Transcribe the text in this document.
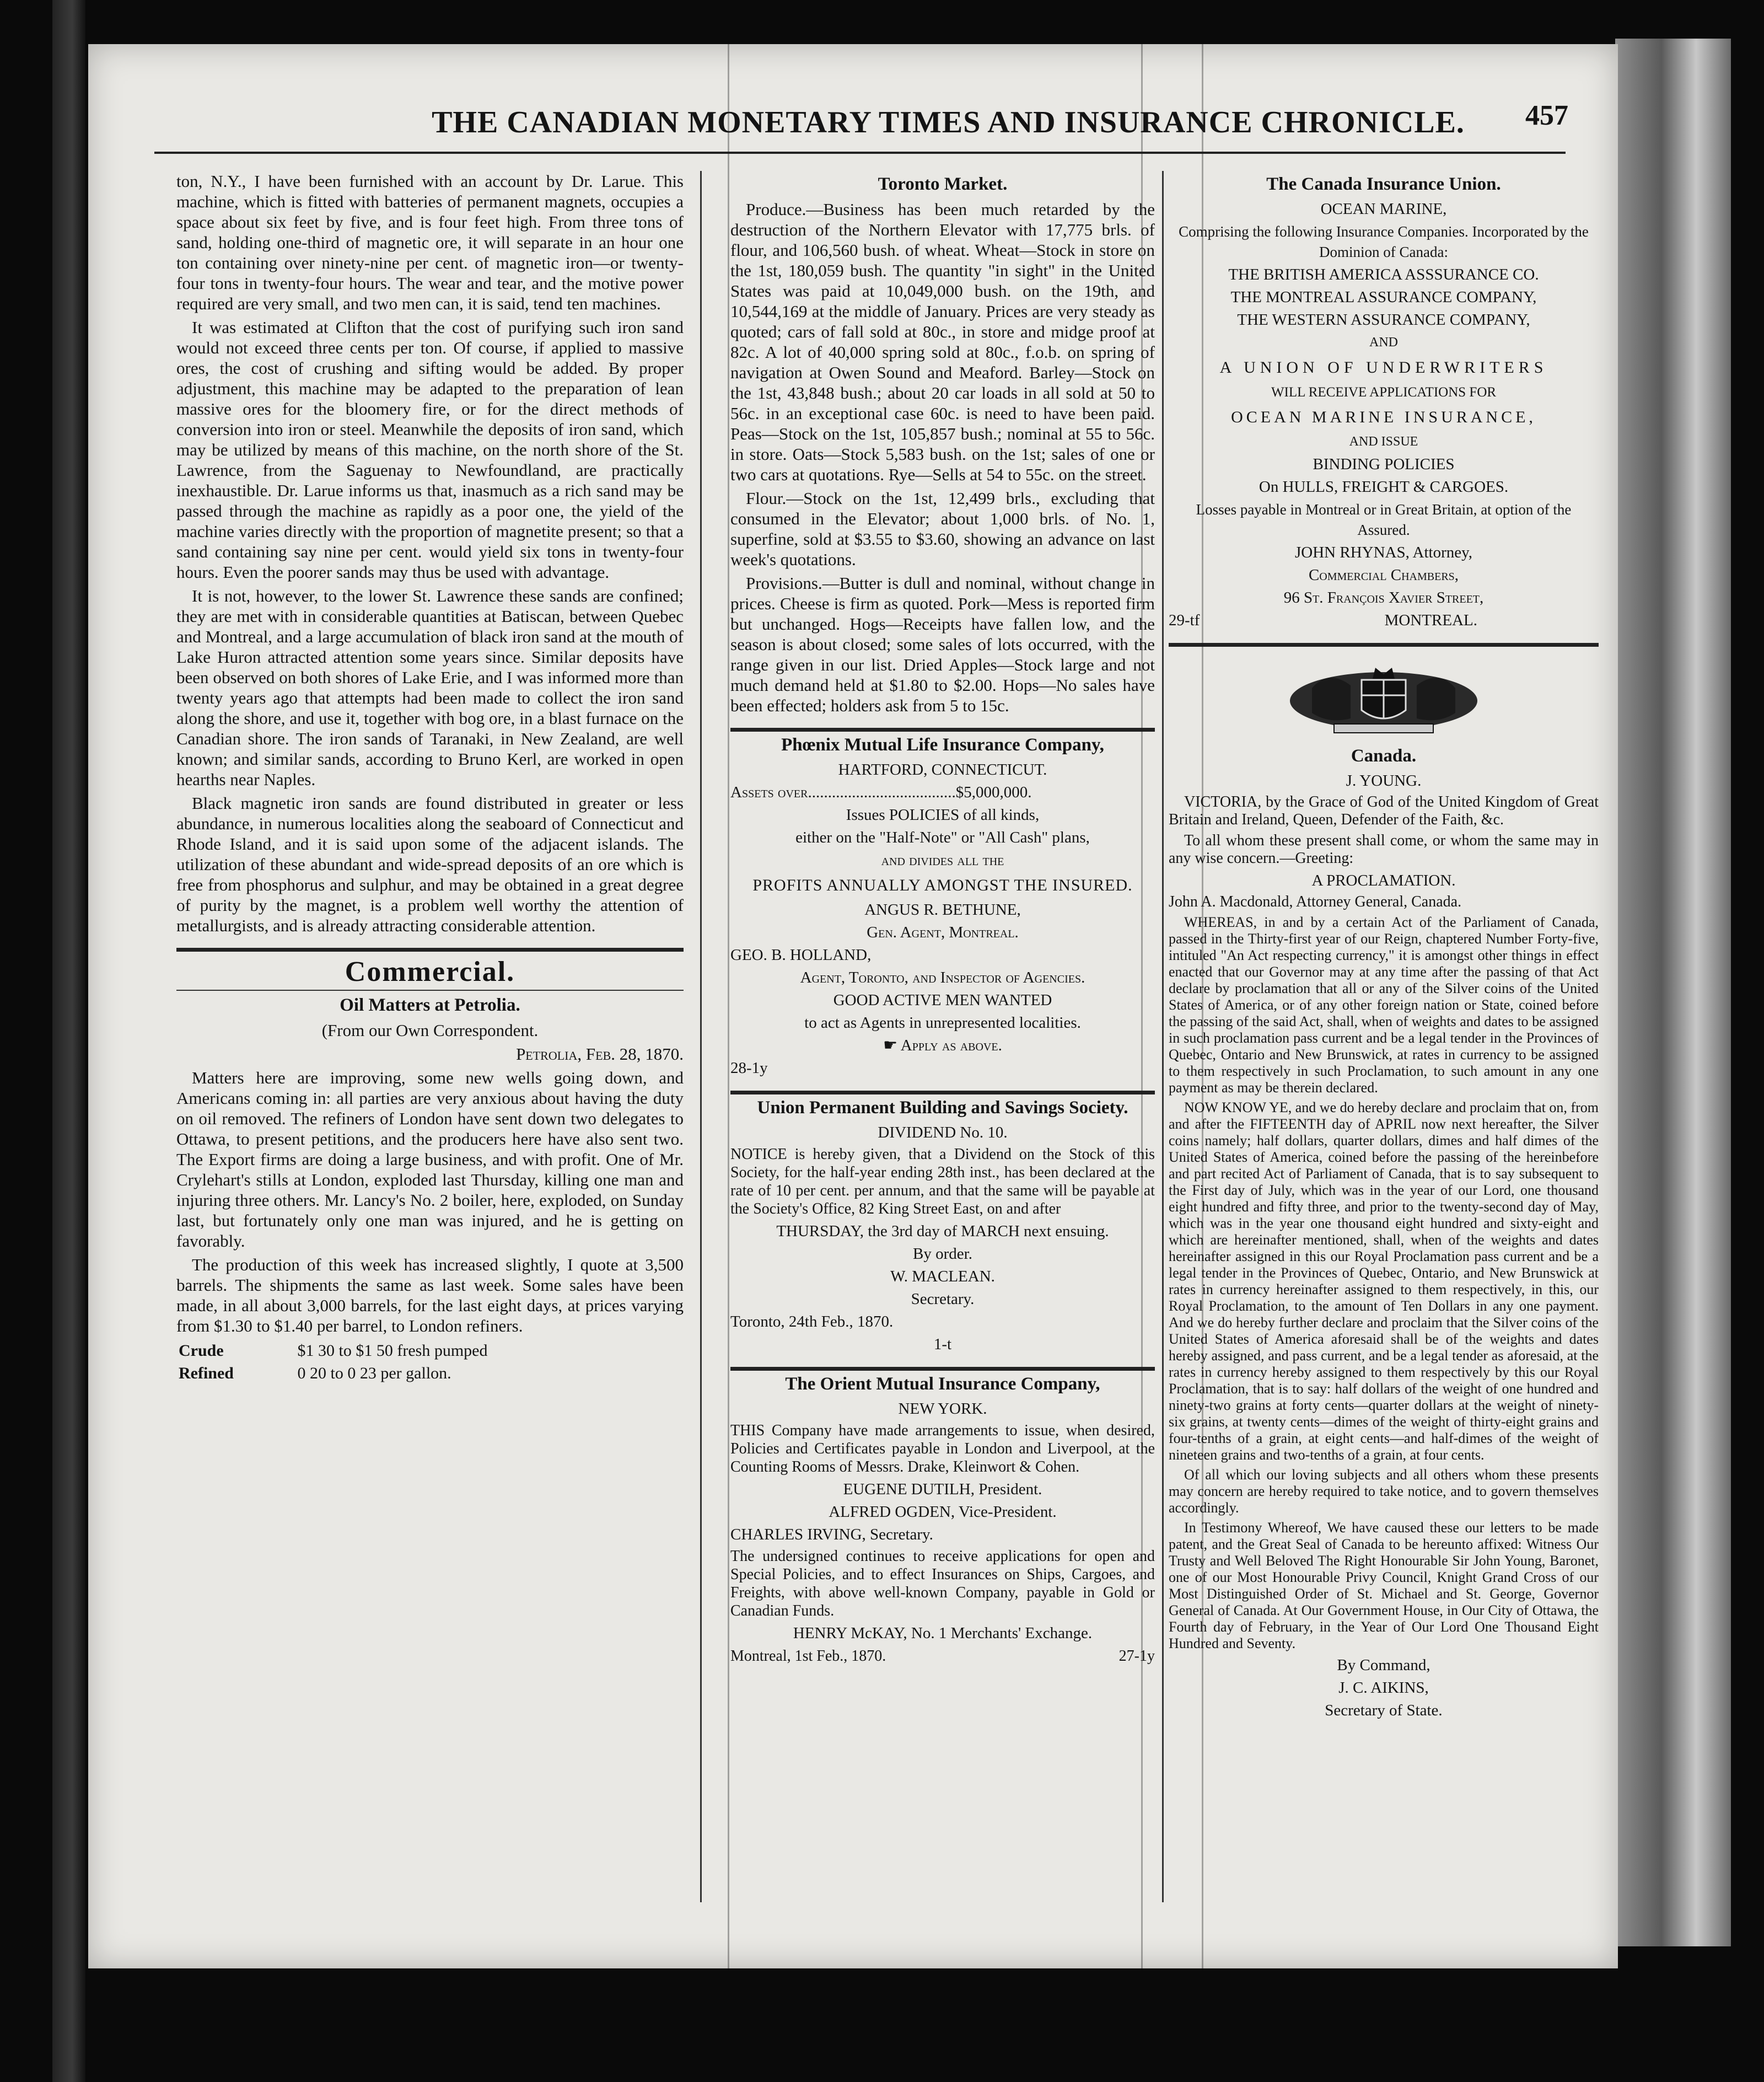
THE CANADIAN MONETARY TIMES AND INSURANCE CHRONICLE.	457

ton, N.Y., I have been furnished with an account by Dr. Larue. This machine, which is fitted with batteries of permanent magnets, occupies a space about six feet by five, and is four feet high. From three tons of sand, holding one-third of magnetic ore, it will separate in an hour one ton containing over ninety-nine per cent. of magnetic iron—or twenty-four tons in twenty-four hours. The wear and tear, and the motive power required are very small, and two men can, it is said, tend ten machines.

It was estimated at Clifton that the cost of purifying such iron sand would not exceed three cents per ton. Of course, if applied to massive ores, the cost of crushing and sifting would be added. By proper adjustment, this machine may be adapted to the preparation of lean massive ores for the bloomery fire, or for the direct methods of conversion into iron or steel. Meanwhile the deposits of iron sand, which may be utilized by means of this machine, on the north shore of the St. Lawrence, from the Saguenay to Newfoundland, are practically inexhaustible. Dr. Larue informs us that, inasmuch as a rich sand may be passed through the machine as rapidly as a poor one, the yield of the machine varies directly with the proportion of magnetite present; so that a sand containing say nine per cent. would yield six tons in twenty-four hours. Even the poorer sands may thus be used with advantage.

It is not, however, to the lower St. Lawrence these sands are confined; they are met with in considerable quantities at Batiscan, between Quebec and Montreal, and a large accumulation of black iron sand at the mouth of Lake Huron attracted attention some years since. Similar deposits have been observed on both shores of Lake Erie, and I was informed more than twenty years ago that attempts had been made to collect the iron sand along the shore, and use it, together with bog ore, in a blast furnace on the Canadian shore. The iron sands of Taranaki, in New Zealand, are well known; and similar sands, according to Bruno Kerl, are worked in open hearths near Naples.

Black magnetic iron sands are found distributed in greater or less abundance, in numerous localities along the seaboard of Connecticut and Rhode Island, and it is said upon some of the adjacent islands. The utilization of these abundant and wide-spread deposits of an ore which is free from phosphorus and sulphur, and may be obtained in a great degree of purity by the magnet, is a problem well worthy the attention of metallurgists, and is already attracting considerable attention.

Commercial.
Oil Matters at Petrolia.

(From our Own Correspondent.

Petrolia, Feb. 28, 1870.

Matters here are improving, some new wells going down, and Americans coming in: all parties are very anxious about having the duty on oil removed. The refiners of London have sent down two delegates to Ottawa, to present petitions, and the producers here have also sent two. The Export firms are doing a large business, and with profit. One of Mr. Crylehart's stills at London, exploded last Thursday, killing one man and injuring three others. Mr. Lancy's No. 2 boiler, here, exploded, on Sunday last, but fortunately only one man was injured, and he is getting on favorably.

The production of this week has increased slightly, I quote at 3,500 barrels. The shipments the same as last week. Some sales have been made, in all about 3,000 barrels, for the last eight days, at prices varying from $1.30 to $1.40 per barrel, to London refiners.

Crude	$1 30 to $1 50 fresh pumped
Refined	0 20 to 0 23 per gallon.
Toronto Market.

Produce.—Business has been much retarded by the destruction of the Northern Elevator with 17,775 brls. of flour, and 106,560 bush. of wheat. Wheat—Stock in store on the 1st, 180,059 bush. The quantity "in sight" in the United States was paid at 10,049,000 bush. on the 19th, and 10,544,169 at the middle of January. Prices are very steady as quoted; cars of fall sold at 80c., in store and midge proof at 82c. A lot of 40,000 spring sold at 80c., f.o.b. on spring of navigation at Owen Sound and Meaford. Barley—Stock on the 1st, 43,848 bush.; about 20 car loads in all sold at 50 to 56c. in an exceptional case 60c. is need to have been paid. Peas—Stock on the 1st, 105,857 bush.; nominal at 55 to 56c. in store. Oats—Stock 5,583 bush. on the 1st; sales of one or two cars at quotations. Rye—Sells at 54 to 55c. on the street.

Flour.—Stock on the 1st, 12,499 brls., excluding that consumed in the Elevator; about 1,000 brls. of No. 1, superfine, sold at $3.55 to $3.60, showing an advance on last week's quotations.

Provisions.—Butter is dull and nominal, without change in prices. Cheese is firm as quoted. Pork—Mess is reported firm but unchanged. Hogs—Receipts have fallen low, and the season is about closed; some sales of lots occurred, with the range given in our list. Dried Apples—Stock large and not much demand held at $1.80 to $2.00. Hops—No sales have been effected; holders ask from 5 to 15c.

Phœnix Mutual Life Insurance Company,
HARTFORD, CONNECTICUT.
Assets over.....................................$5,000,000.
Issues POLICIES of all kinds,
either on the "Half-Note" or "All Cash" plans,
and divides all the
PROFITS ANNUALLY AMONGST THE INSURED.
ANGUS R. BETHUNE,
Gen. Agent, Montreal.
GEO. B. HOLLAND,
Agent, Toronto, and Inspector of Agencies.
GOOD ACTIVE MEN WANTED
to act as Agents in unrepresented localities.
☛ Apply as above.
28-1y
Union Permanent Building and Savings Society.
DIVIDEND No. 10.

NOTICE is hereby given, that a Dividend on the Stock of this Society, for the half-year ending 28th inst., has been declared at the rate of 10 per cent. per annum, and that the same will be payable at the Society's Office, 82 King Street East, on and after

THURSDAY, the 3rd day of MARCH next ensuing.
By order.
W. MACLEAN.
Secretary.
Toronto, 24th Feb., 1870.
1-t
The Orient Mutual Insurance Company,
NEW YORK.

THIS Company have made arrangements to issue, when desired, Policies and Certificates payable in London and Liverpool, at the Counting Rooms of Messrs. Drake, Kleinwort & Cohen.

EUGENE DUTILH, President.
ALFRED OGDEN, Vice-President.
CHARLES IRVING, Secretary.

The undersigned continues to receive applications for open and Special Policies, and to effect Insurances on Ships, Cargoes, and Freights, with above well-known Company, payable in Gold or Canadian Funds.

HENRY McKAY, No. 1 Merchants' Exchange.
Montreal, 1st Feb., 1870.	27-1y
The Canada Insurance Union.
OCEAN MARINE,
Comprising the following Insurance Companies. Incorporated by the Dominion of Canada:
THE BRITISH AMERICA ASSSURANCE CO.
THE MONTREAL ASSURANCE COMPANY,
THE WESTERN ASSURANCE COMPANY,
AND
A UNION OF UNDERWRITERS
WILL RECEIVE APPLICATIONS FOR
OCEAN MARINE INSURANCE,
AND ISSUE
BINDING POLICIES
On HULLS, FREIGHT & CARGOES.
Losses payable in Montreal or in Great Britain, at option of the Assured.
JOHN RHYNAS, Attorney,
Commercial Chambers,
96 St. François Xavier Street,
29-tf	MONTREAL.
Canada.
J. YOUNG.

VICTORIA, by the Grace of God of the United Kingdom of Great Britain and Ireland, Queen, Defender of the Faith, &c.

To all whom these present shall come, or whom the same may in any wise concern.—Greeting:

A PROCLAMATION.

John A. Macdonald, Attorney General, Canada.

WHEREAS, in and by a certain Act of the Parliament of Canada, passed in the Thirty-first year of our Reign, chaptered Number Forty-five, intituled "An Act respecting currency," it is amongst other things in effect enacted that our Governor may at any time after the passing of that Act declare by proclamation that all or any of the Silver coins of the United States of America, or of any other foreign nation or State, coined before the passing of the said Act, shall, when of weights and dates to be assigned in such proclamation pass current and be a legal tender in the Provinces of Quebec, Ontario and New Brunswick, at rates in currency to be assigned to them respectively in such Proclamation, to such amount in any one payment as may be therein declared.

NOW KNOW YE, and we do hereby declare and proclaim that on, from and after the FIFTEENTH day of APRIL now next hereafter, the Silver coins namely; half dollars, quarter dollars, dimes and half dimes of the United States of America, coined before the passing of the hereinbefore and part recited Act of Parliament of Canada, that is to say subsequent to the First day of July, which was in the year of our Lord, one thousand eight hundred and fifty three, and prior to the twenty-second day of May, which was in the year one thousand eight hundred and sixty-eight and which are hereinafter mentioned, shall, when of the weights and dates hereinafter assigned in this our Royal Proclamation pass current and be a legal tender in the Provinces of Quebec, Ontario, and New Brunswick at rates in currency hereinafter assigned to them respectively, in this, our Royal Proclamation, to the amount of Ten Dollars in any one payment. And we do hereby further declare and proclaim that the Silver coins of the United States of America aforesaid shall be of the weights and dates hereby assigned, and pass current, and be a legal tender as aforesaid, at the rates in currency hereby assigned to them respectively by this our Royal Proclamation, that is to say: half dollars of the weight of one hundred and ninety-two grains at forty cents—quarter dollars at the weight of ninety-six grains, at twenty cents—dimes of the weight of thirty-eight grains and four-tenths of a grain, at eight cents—and half-dimes of the weight of nineteen grains and two-tenths of a grain, at four cents.

Of all which our loving subjects and all others whom these presents may concern are hereby required to take notice, and to govern themselves accordingly.

In Testimony Whereof, We have caused these our letters to be made patent, and the Great Seal of Canada to be hereunto affixed: Witness Our Trusty and Well Beloved The Right Honourable Sir John Young, Baronet, one of our Most Honourable Privy Council, Knight Grand Cross of our Most Distinguished Order of St. Michael and St. George, Governor General of Canada. At Our Government House, in Our City of Ottawa, the Fourth day of February, in the Year of Our Lord One Thousand Eight Hundred and Seventy.

By Command,
J. C. AIKINS,
Secretary of State.
